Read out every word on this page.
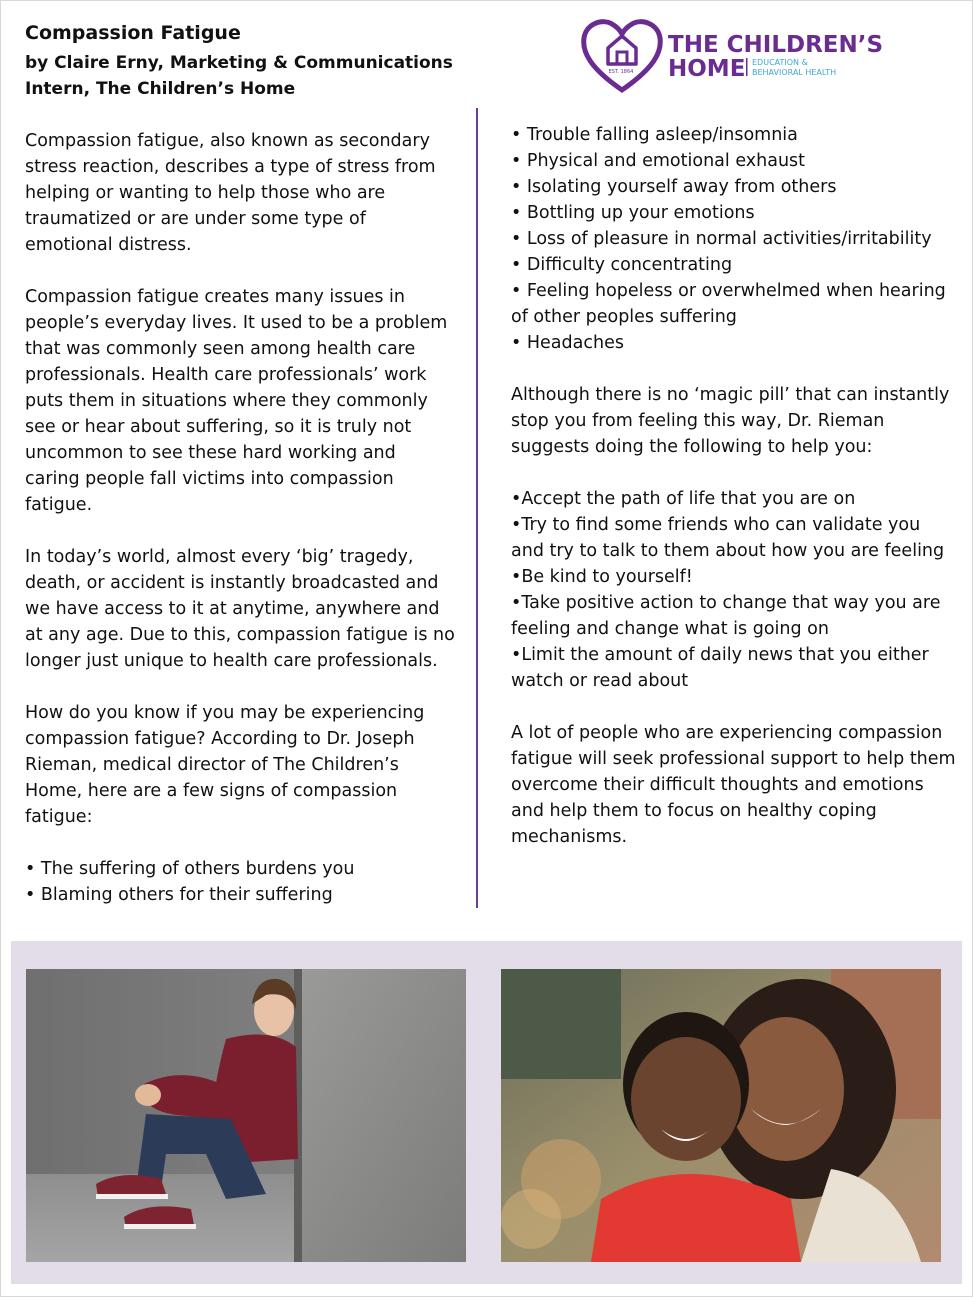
Compassion Fatigue
by Claire Erny, Marketing & Communications Intern, The Children’s Home
EST. 1864
THE CHILDREN’S
HOME EDUCATION &
BEHAVIORAL HEALTH

Compassion fatigue, also known as secondary stress reaction, describes a type of stress from helping or wanting to help those who are traumatized or are under some type of emotional distress.

Compassion fatigue creates many issues in people’s everyday lives. It used to be a problem that was commonly seen among health care professionals. Health care professionals’ work puts them in situations where they commonly see or hear about suffering, so it is truly not uncommon to see these hard working and caring people fall victims into compassion fatigue.

In today’s world, almost every ‘big’ tragedy, death, or accident is instantly broadcasted and we have access to it at anytime, anywhere and at any age. Due to this, compassion fatigue is no longer just unique to health care professionals.

How do you know if you may be experiencing compassion fatigue? According to Dr. Joseph Rieman, medical director of The Children’s Home, here are a few signs of compassion fatigue:

• The suffering of others burdens you
• Blaming others for their suffering
• Trouble falling asleep/insomnia
• Physical and emotional exhaust
• Isolating yourself away from others
• Bottling up your emotions
• Loss of pleasure in normal activities/irritability
• Difficulty concentrating
• Feeling hopeless or overwhelmed when hearing of other peoples suffering
• Headaches

Although there is no ‘magic pill’ that can instantly stop you from feeling this way, Dr. Rieman suggests doing the following to help you:

•Accept the path of life that you are on
•Try to find some friends who can validate you and try to talk to them about how you are feeling
•Be kind to yourself!
•Take positive action to change that way you are feeling and change what is going on
•Limit the amount of daily news that you either watch or read about

A lot of people who are experiencing compassion fatigue will seek professional support to help them overcome their difficult thoughts and emotions and help them to focus on healthy coping mechanisms.
